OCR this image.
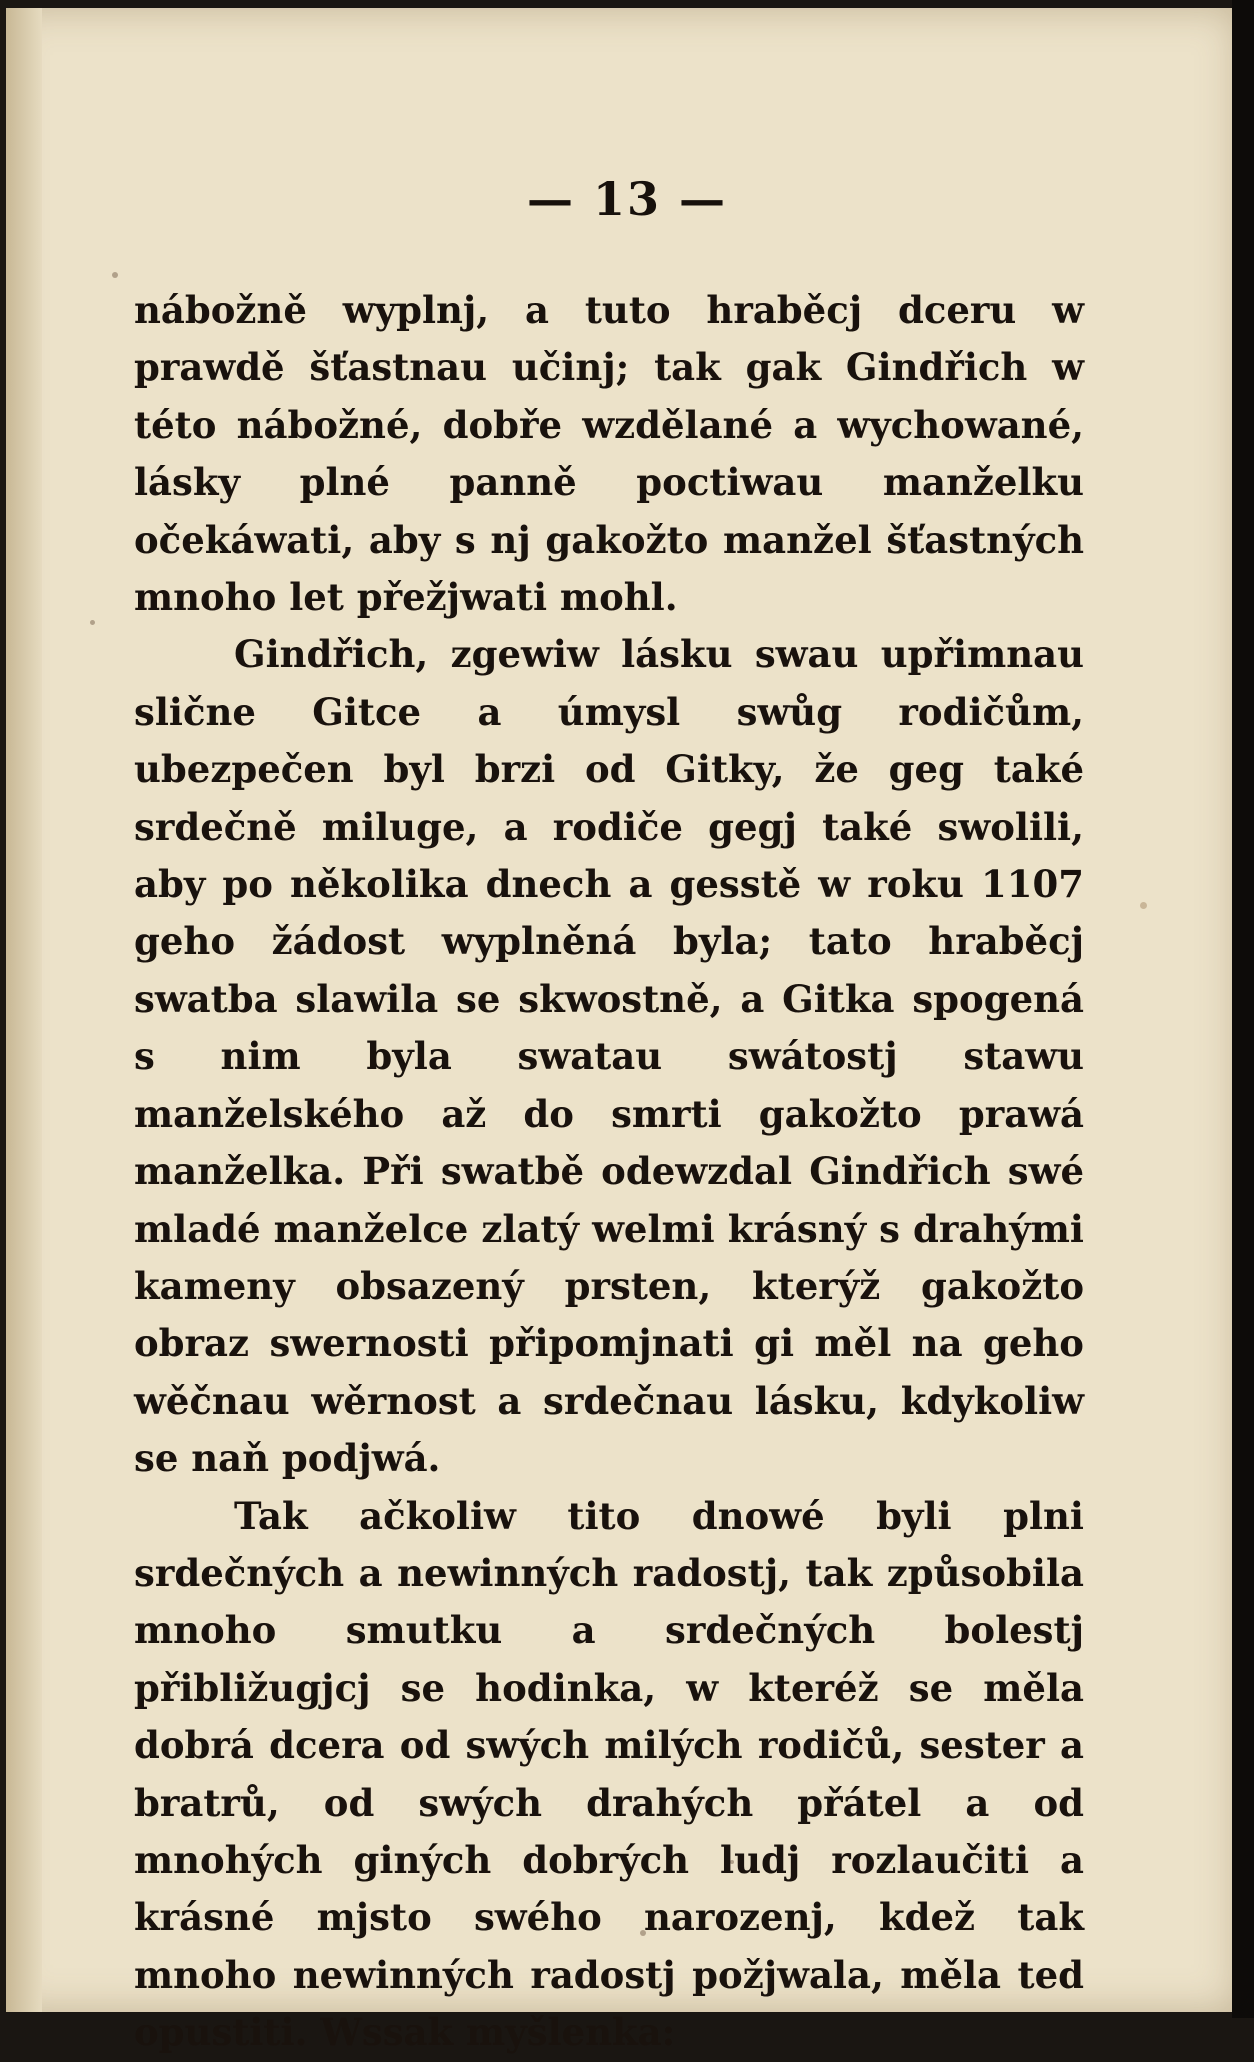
— 13 —

nábožně wyplnj, a tuto hraběcj dceru w prawdě šťastnau učinj; tak gak Gindřich w této nábožné, dobře wzdělané a wychowané, lásky plné panně poctiwau manželku očekáwati, aby s nj gakožto manžel šťastných mnoho let přežjwati mohl.

Gindřich, zgewiw lásku swau upřimnau slične Gitce a úmysl swůg rodičům, ubezpečen byl brzi od Gitky, že geg také srdečně miluge, a rodiče gegj také swolili, aby po několika dnech a gesstě w roku 1107 geho žádost wyplněná byla; tato hraběcj swatba slawila se skwostně, a Gitka spogená s nim byla swatau swátostj stawu manželského až do smrti gakožto prawá manželka. Při swatbě odewzdal Gindřich swé mladé manželce zlatý welmi krásný s drahými kameny obsazený prsten, kterýž gakožto obraz swernosti připomjnati gi měl na geho wěčnau wěrnost a srdečnau lásku, kdykoliw se naň podjwá.

Tak ačkoliw tito dnowé byli plni srdečných a newinných radostj, tak způsobila mnoho smutku a srdečných bolestj přibližugjcj se hodinka, w kteréž se měla dobrá dcera od swých milých rodičů, sester a bratrů, od swých drahých přátel a od mnohých giných dobrých ludj rozlaučiti a krásné mjsto swého narozenj, kdež tak mnoho newinných radostj požjwala, měla ted opustiti. Wssak myšlenka:
